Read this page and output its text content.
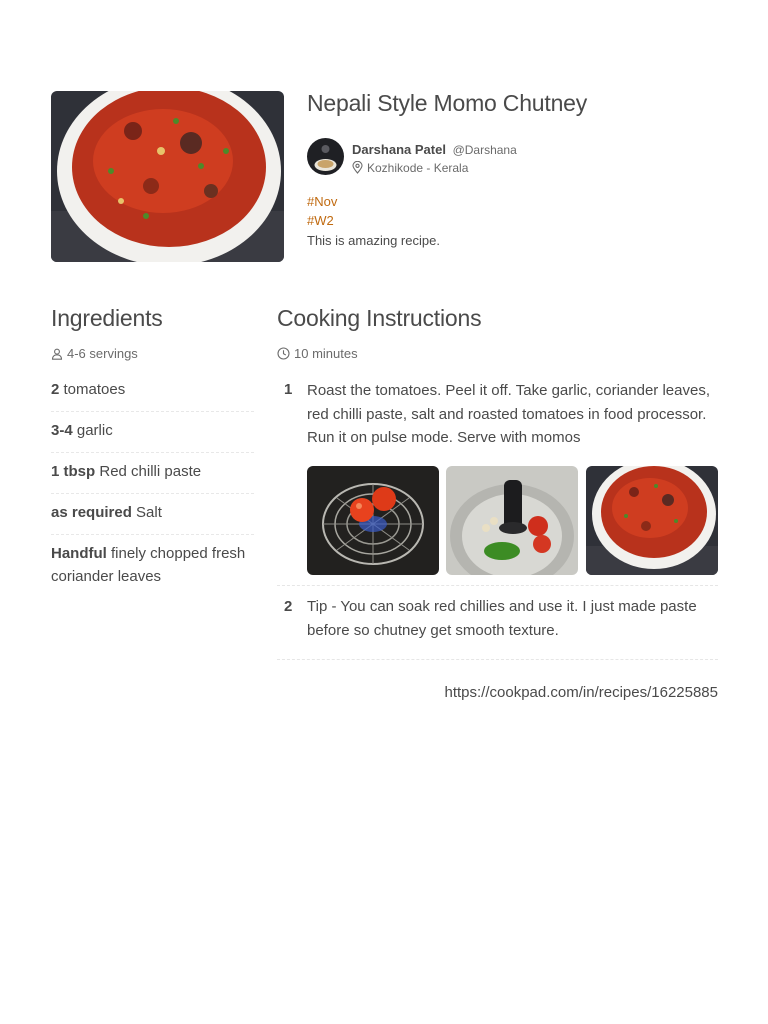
Nepali Style Momo Chutney
Darshana Patel @Darshana
Kozhikode - Kerala
#Nov
#W2
This is amazing recipe.
Ingredients
4-6 servings
2 tomatoes
3-4 garlic
1 tbsp Red chilli paste
as required Salt
Handful finely chopped fresh coriander leaves
Cooking Instructions
10 minutes
1 Roast the tomatoes. Peel it off. Take garlic, coriander leaves, red chilli paste, salt and roasted tomatoes in food processor. Run it on pulse mode. Serve with momos
2 Tip - You can soak red chillies and use it. I just made paste before so chutney get smooth texture.
https://cookpad.com/in/recipes/16225885
